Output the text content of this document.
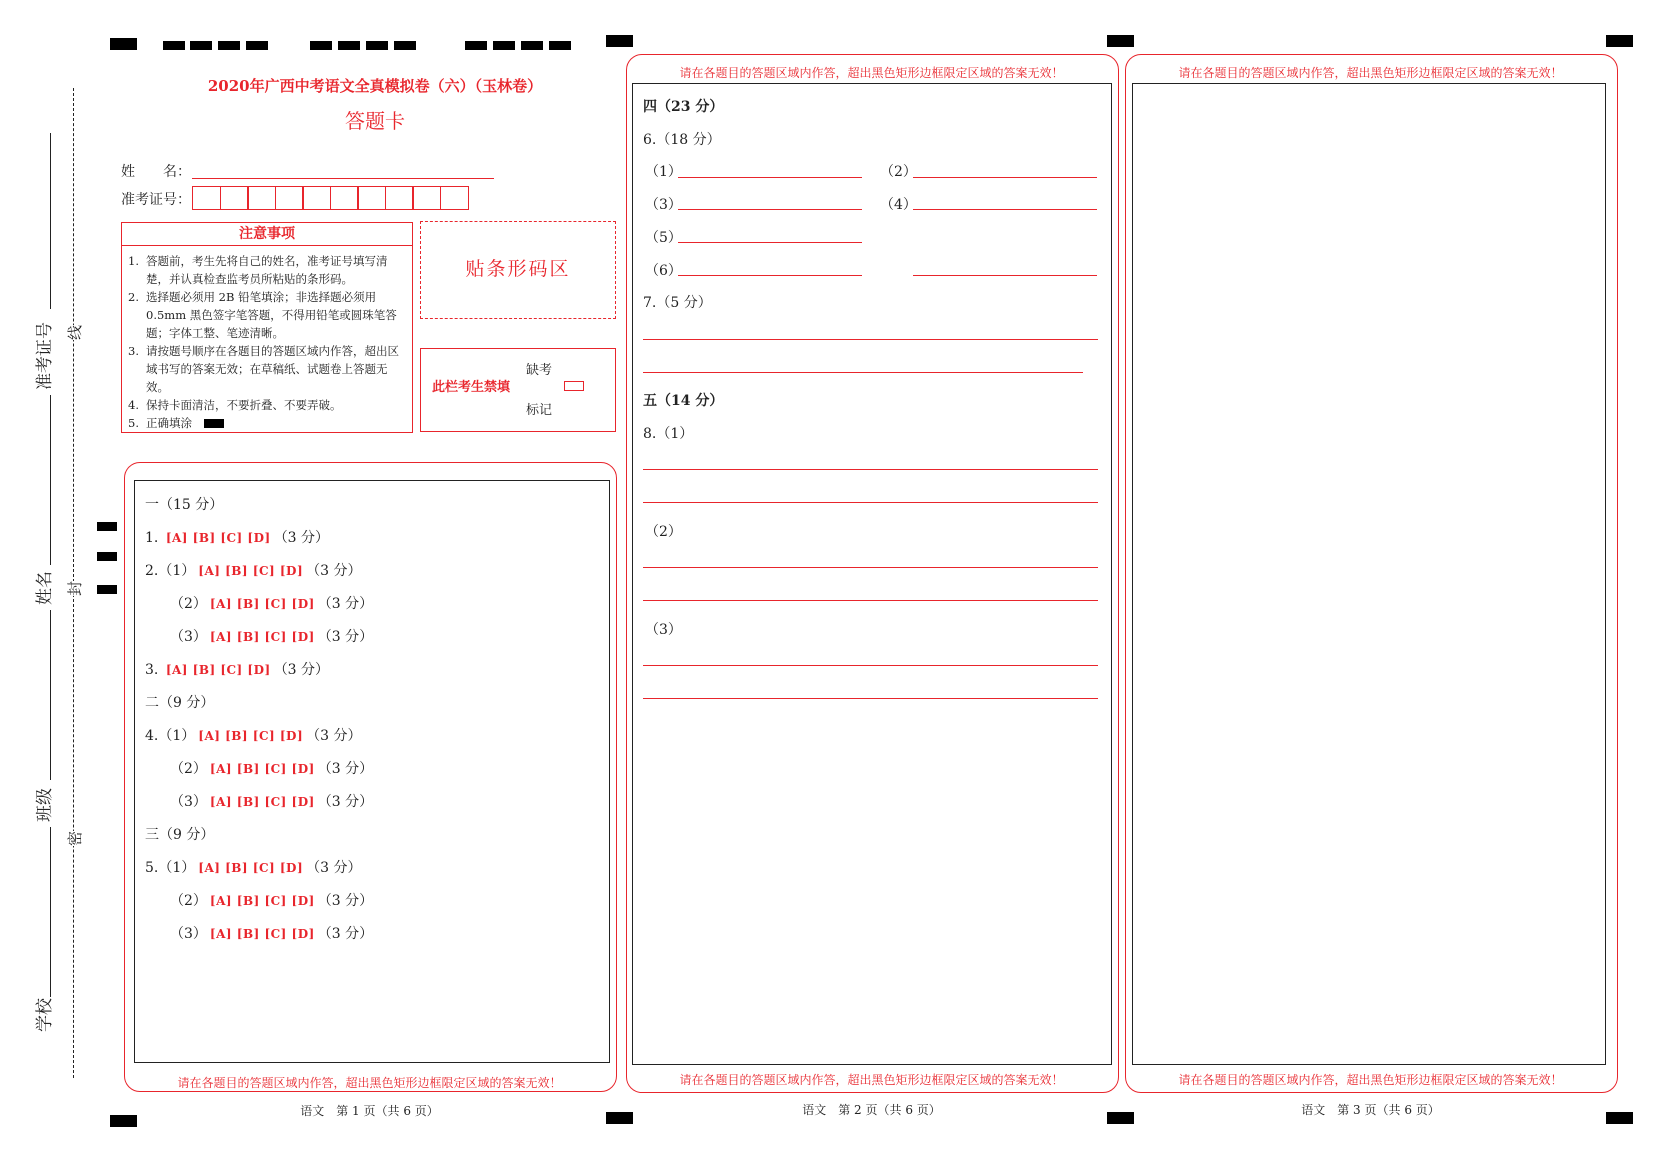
准考证号
姓名
班级
学校
线
封
密
2020年广西中考语文全真模拟卷（六）（玉林卷）
答题卡
姓　　名：
准考证号：
注意事项
1. 答题前，考生先将自己的姓名，准考证号填写清楚，并认真检查监考员所粘贴的条形码。
2. 选择题必须用 2B 铅笔填涂；非选择题必须用 0.5mm 黑色签字笔答题，不得用铅笔或圆珠笔答题；字体工整、笔迹清晰。
3. 请按题号顺序在各题目的答题区域内作答，超出区域书写的答案无效；在草稿纸、试题卷上答题无效。
4. 保持卡面清洁，不要折叠、不要弄破。
5. 正确填涂
贴条形码区
此栏考生禁填
缺考
标记
一（15 分）
1. [A] [B] [C] [D] （3 分）
2.（1） [A] [B] [C] [D] （3 分）
（2） [A] [B] [C] [D] （3 分）
（3） [A] [B] [C] [D] （3 分）
3. [A] [B] [C] [D] （3 分）
二（9 分）
4.（1） [A] [B] [C] [D] （3 分）
（2） [A] [B] [C] [D] （3 分）
（3） [A] [B] [C] [D] （3 分）
三（9 分）
5.（1） [A] [B] [C] [D] （3 分）
（2） [A] [B] [C] [D] （3 分）
（3） [A] [B] [C] [D] （3 分）
请在各题目的答题区域内作答，超出黑色矩形边框限定区域的答案无效！
语文　第 1 页（共 6 页）
请在各题目的答题区域内作答，超出黑色矩形边框限定区域的答案无效！
四（23 分）
6.（18 分）
（1）	（2）
（3）	（4）
（5）
（6）
7.（5 分）
五（14 分）
8.（1）
（2）
（3）
请在各题目的答题区域内作答，超出黑色矩形边框限定区域的答案无效！
语文　第 2 页（共 6 页）
请在各题目的答题区域内作答，超出黑色矩形边框限定区域的答案无效！
请在各题目的答题区域内作答，超出黑色矩形边框限定区域的答案无效！
语文　第 3 页（共 6 页）
